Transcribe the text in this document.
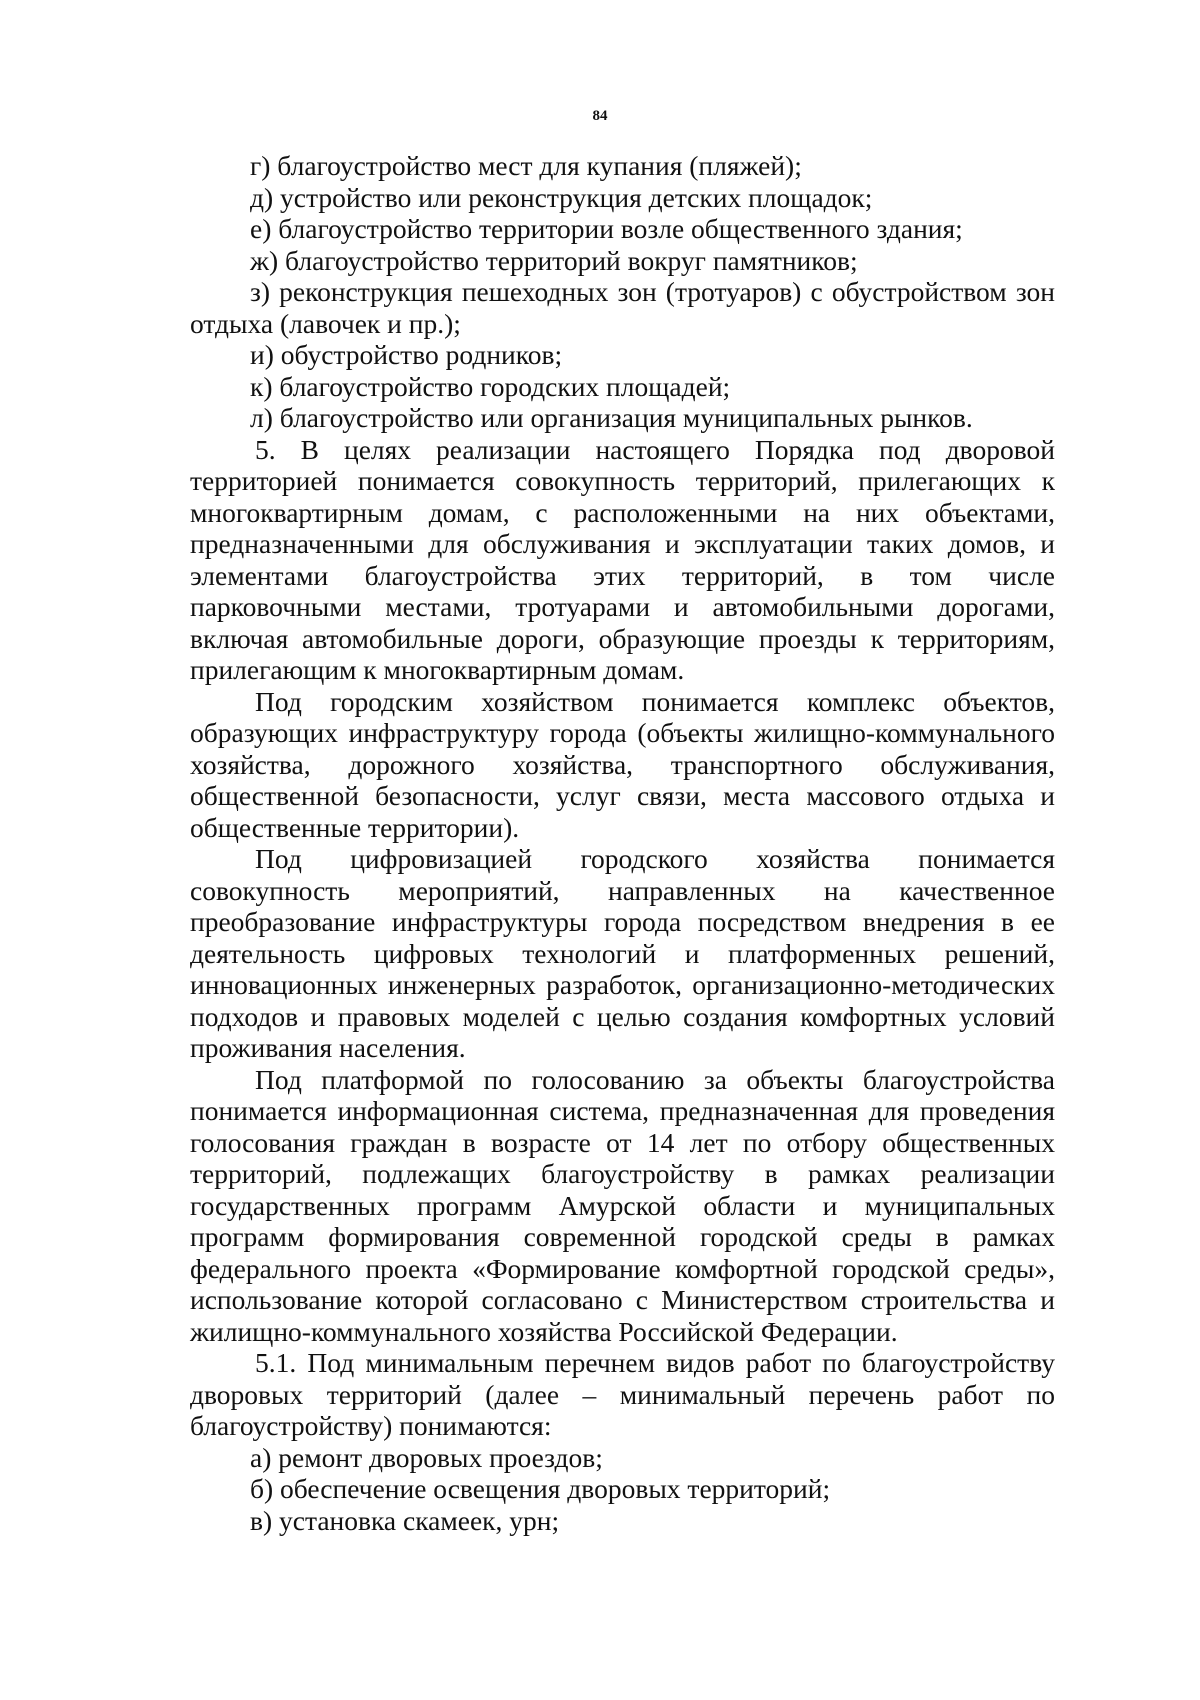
84

г) благоустройство мест для купания (пляжей);

д) устройство или реконструкция детских площадок;

е) благоустройство территории возле общественного здания;

ж) благоустройство территорий вокруг памятников;

з) реконструкция пешеходных зон (тротуаров) с обустройством зон отдыха (лавочек и пр.);

и) обустройство родников;

к) благоустройство городских площадей;

л) благоустройство или организация муниципальных рынков.

5. В целях реализации настоящего Порядка под дворовой территорией понимается совокупность территорий, прилегающих к многоквартирным домам, с расположенными на них объектами, предназначенными для обслуживания и эксплуатации таких домов, и элементами благоустройства этих территорий, в том числе парковочными местами, тротуарами и автомобильными дорогами, включая автомобильные дороги, образующие проезды к территориям, прилегающим к многоквартирным домам.

Под городским хозяйством понимается комплекс объектов, образующих инфраструктуру города (объекты жилищно-коммунального хозяйства, дорожного хозяйства, транспортного обслуживания, общественной безопасности, услуг связи, места массового отдыха и общественные территории).

Под цифровизацией городского хозяйства понимается совокупность мероприятий, направленных на качественное преобразование инфраструктуры города посредством внедрения в ее деятельность цифровых технологий и платформенных решений, инновационных инженерных разработок, организационно-методических подходов и правовых моделей с целью создания комфортных условий проживания населения.

Под платформой по голосованию за объекты благоустройства понимается информационная система, предназначенная для проведения голосования граждан в возрасте от 14 лет по отбору общественных территорий, подлежащих благоустройству в рамках реализации государственных программ Амурской области и муниципальных программ формирования современной городской среды в рамках федерального проекта «Формирование комфортной городской среды», использование которой согласовано с Министерством строительства и жилищно-коммунального хозяйства Российской Федерации.

5.1. Под минимальным перечнем видов работ по благоустройству дворовых территорий (далее – минимальный перечень работ по благоустройству) понимаются:

а) ремонт дворовых проездов;

б) обеспечение освещения дворовых территорий;

в) установка скамеек, урн;
